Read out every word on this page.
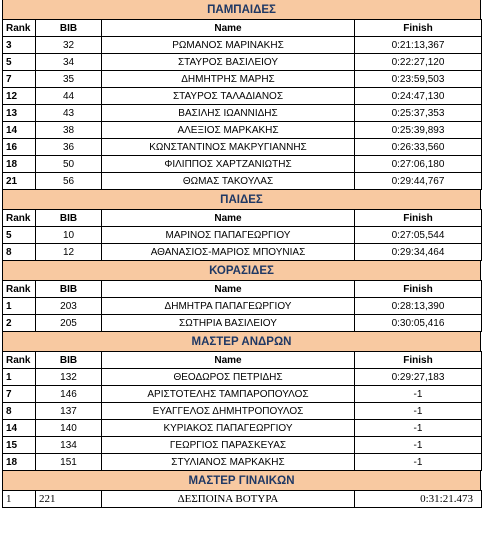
ΠΑΜΠΑΙΔΕΣ
Rank	BIB	Name	Finish
3	32	ΡΩΜΑΝΟΣ ΜΑΡΙΝΑΚΗΣ	0:21:13,367
5	34	ΣΤΑΥΡΟΣ ΒΑΣΙΛΕΙΟΥ	0:22:27,120
7	35	ΔΗΜΗΤΡΗΣ ΜΑΡΗΣ	0:23:59,503
12	44	ΣΤΑΥΡΟΣ ΤΑΛΑΔΙΑΝΟΣ	0:24:47,130
13	43	ΒΑΣΙΛΗΣ ΙΩΑΝΝΙΔΗΣ	0:25:37,353
14	38	ΑΛΕΞΙΟΣ ΜΑΡΚΑΚΗΣ	0:25:39,893
16	36	ΚΩΝΣΤΑΝΤΙΝΟΣ ΜΑΚΡΥΓΙΑΝΝΗΣ	0:26:33,560
18	50	ΦΙΛΙΠΠΟΣ ΧΑΡΤΖΑΝΙΩΤΗΣ	0:27:06,180
21	56	ΘΩΜΑΣ ΤΑΚΟΥΛΑΣ	0:29:44,767
ΠΑΙΔΕΣ
Rank	BIB	Name	Finish
5	10	ΜΑΡΙΝΟΣ ΠΑΠΑΓΕΩΡΓΙΟΥ	0:27:05,544
8	12	ΑΘΑΝΑΣΙΟΣ-ΜΑΡΙΟΣ ΜΠΟΥΝΙΑΣ	0:29:34,464
ΚΟΡΑΣΙΔΕΣ
Rank	BIB	Name	Finish
1	203	ΔΗΜΗΤΡΑ ΠΑΠΑΓΕΩΡΓΙΟΥ	0:28:13,390
2	205	ΣΩΤΗΡΙΑ ΒΑΣΙΛΕΙΟΥ	0:30:05,416
ΜΑΣΤΕΡ ΑΝΔΡΩΝ
Rank	BIB	Name	Finish
1	132	ΘΕΟΔΩΡΟΣ ΠΕΤΡΙΔΗΣ	0:29:27,183
7	146	ΑΡΙΣΤΟΤΕΛΗΣ ΤΑΜΠΑΡΟΠΟΥΛΟΣ	-1
8	137	ΕΥΑΓΓΕΛΟΣ ΔΗΜΗΤΡΟΠΟΥΛΟΣ	-1
14	140	ΚΥΡΙΑΚΟΣ ΠΑΠΑΓΕΩΡΓΙΟΥ	-1
15	134	ΓΕΩΡΓΙΟΣ ΠΑΡΑΣΚΕΥΑΣ	-1
18	151	ΣΤΥΛΙΑΝΟΣ ΜΑΡΚΑΚΗΣ	-1
ΜΑΣΤΕΡ ΓΙΝΑΙΚΩΝ
1	221	ΔΕΣΠΟΙΝΑ ΒΟΤΥΡΑ	0:31:21.473
